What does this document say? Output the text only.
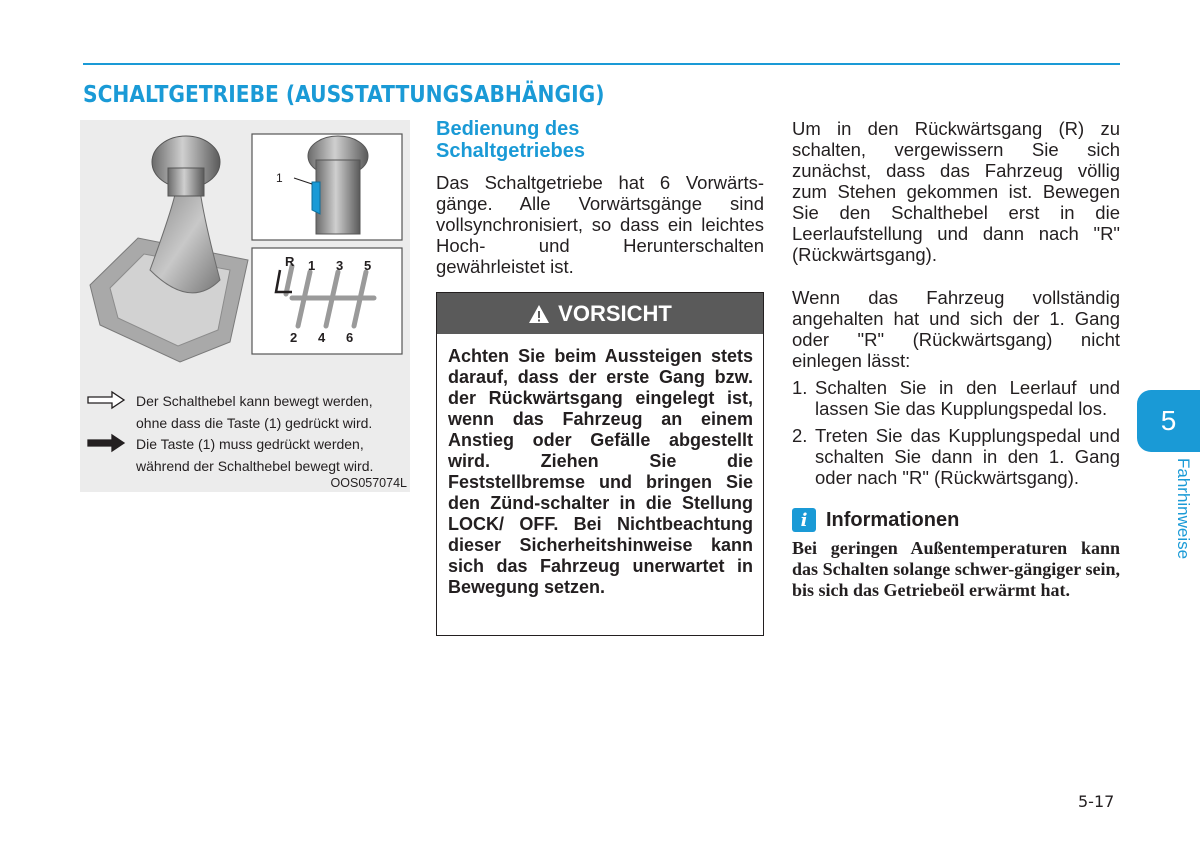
SCHALTGETRIEBE (AUSSTATTUNGSABHÄNGIG)
1
R 1 3 5
2 4 6
Der Schalthebel kann bewegt werden,
ohne dass die Taste (1) gedrückt wird.
Die Taste (1) muss gedrückt werden,
während der Schalthebel bewegt wird.
OOS057074L

Bedienung des
Schaltgetriebes

Das Schaltgetriebe hat 6 Vorwärts-gänge. Alle Vorwärtsgänge sind vollsynchronisiert, so dass ein leichtes Hoch- und Herunterschalten gewährleistet ist.

VORSICHT
Achten Sie beim Aussteigen stets darauf, dass der erste Gang bzw. der Rückwärtsgang eingelegt ist, wenn das Fahrzeug an einem Anstieg oder Gefälle abgestellt wird. Ziehen Sie die Feststellbremse und bringen Sie den Zünd-schalter in die Stellung LOCK/ OFF. Bei Nichtbeachtung dieser Sicherheitshinweise kann sich das Fahrzeug unerwartet in Bewegung setzen.

Um in den Rückwärtsgang (R) zu schalten, vergewissern Sie sich zunächst, dass das Fahrzeug völlig zum Stehen gekommen ist. Bewegen Sie den Schalthebel erst in die Leerlaufstellung und dann nach "R" (Rückwärtsgang).

Wenn das Fahrzeug vollständig angehalten hat und sich der 1. Gang oder "R" (Rückwärtsgang) nicht einlegen lässt:

1. Schalten Sie in den Leerlauf und lassen Sie das Kupplungspedal los.
2. Treten Sie das Kupplungspedal und schalten Sie dann in den 1. Gang oder nach "R" (Rückwärtsgang).
i Informationen
Bei geringen Außentemperaturen kann das Schalten solange schwer-gängiger sein, bis sich das Getriebeöl erwärmt hat.
5
Fahrhinweise
5-17
